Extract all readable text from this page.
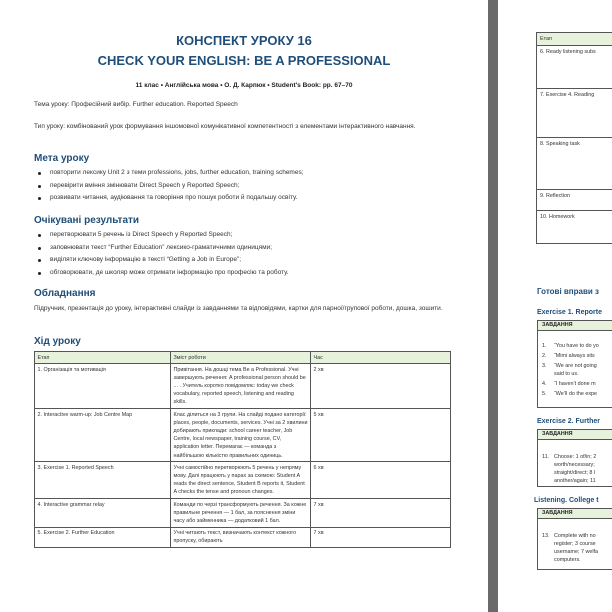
КОНСПЕКТ УРОКУ 16
CHECK YOUR ENGLISH: BE A PROFESSIONAL
11 клас • Англійська мова • О. Д. Карпюк • Student's Book: pp. 67–70
Тема уроку: Професійний вибір. Further education. Reported Speech
Тип уроку: комбінований урок формування іншомовної комунікативної компетентності з елементами інтерактивного навчання.
Мета уроку
повторити лексику Unit 2 з теми professions, jobs, further education, training schemes;
перевірити вміння змінювати Direct Speech у Reported Speech;
розвивати читання, аудіювання та говоріння про пошук роботи й подальшу освіту.
Очікувані результати
перетворювати 5 речень із Direct Speech у Reported Speech;
заповнювати текст “Further Education” лексико-граматичними одиницями;
виділяти ключову інформацію в тексті “Getting a Job in Europe”;
обговорювати, де школяр може отримати інформацію про професію та роботу.
Обладнання
Підручник, презентація до уроку, інтерактивні слайди із завданнями та відповідями, картки для парної/групової роботи, дошка, зошити.
Хід уроку
Етап	Зміст роботи	Час
1. Організація та мотивація	Привітання. На дошці тема Be a Professional. Учні завершують речення: A professional person should be ... . Учитель коротко повідомляє: today we check vocabulary, reported speech, listening and reading skills.	2 хв
2. Interactive warm-up: Job Centre Map	Клас ділиться на 3 групи. На слайді подано категорії: places, people, documents, services. Учні за 2 хвилини добирають приклади: school career teacher, Job Centre, local newspaper, training course, CV, application letter. Перемагає — команда з найбільшою кількістю правильних одиниць.	5 хв
3. Exercise 1. Reported Speech	Учні самостійно перетворюють 5 речень у непряму мову. Далі працюють у парах за схемою: Student A reads the direct sentence, Student B reports it, Student A checks the tense and pronoun changes.	6 хв
4. Interactive grammar relay	Команди по черзі трансформують речення. За кожне правильне речення — 1 бал, за пояснення зміни часу або займенника — додатковий 1 бал.	7 хв
5. Exercise 2. Further Education	Учні читають текст, визначають контекст кожного пропуску, обирають	7 хв
Етап
6. Ready listening subs
7. Exercise 4. Reading
8. Speaking task
9. Reflection
10. Homework
Готові вправи з
Exercise 1. Reporte
ЗАВДАННЯ
1. “You have to do yo
2. “Mimi always sits
3. “We are not going
said to us.
4. “I haven’t done m
5. “We’ll do the expe
Exercise 2. Further
ЗАВДАННЯ
11. Choose: 1 of/in; 2
worth/necessary;
straight/direct; 8 l
another/again; 11
Listening. College t
ЗАВДАННЯ
13. Complete with no
register; 3 course
username; 7 welfa
computers.
